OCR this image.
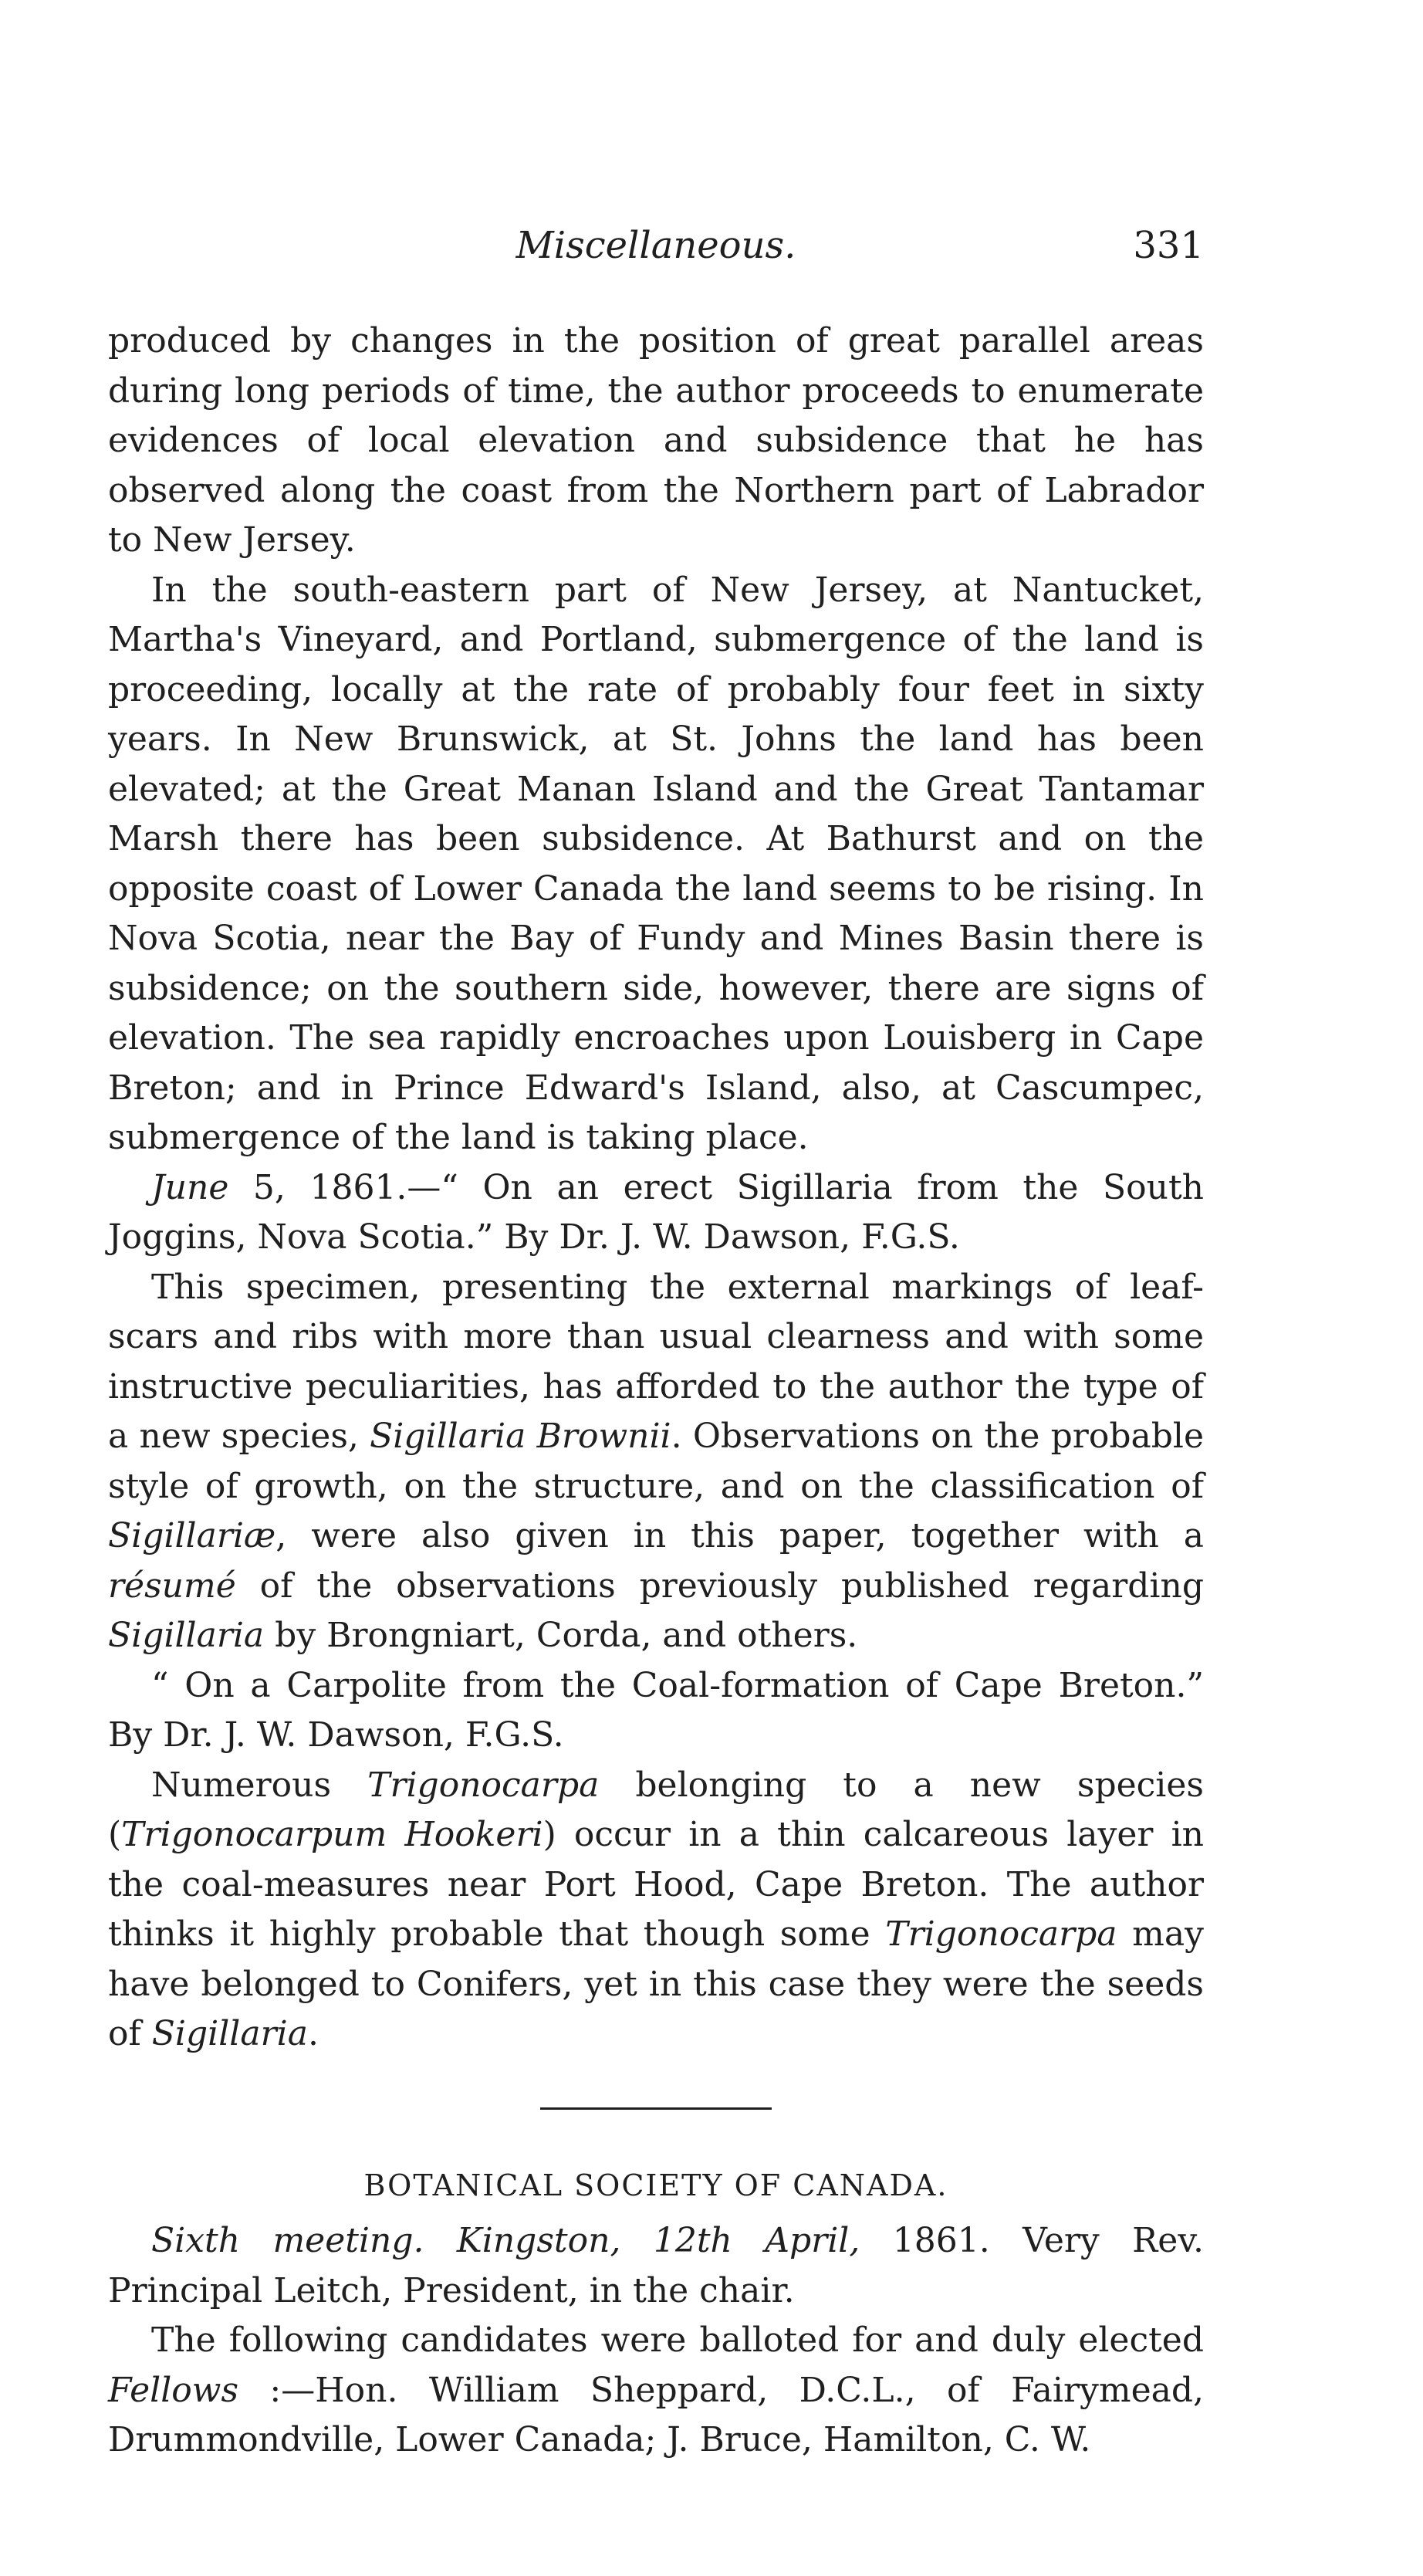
Miscellaneous.	331

produced by changes in the position of great parallel areas during long periods of time, the author proceeds to enumerate evidences of local elevation and subsidence that he has observed along the coast from the Northern part of Labrador to New Jersey.

In the south-eastern part of New Jersey, at Nantucket, Martha's Vineyard, and Portland, submergence of the land is proceeding, locally at the rate of probably four feet in sixty years. In New Brunswick, at St. Johns the land has been elevated; at the Great Manan Island and the Great Tantamar Marsh there has been subsidence. At Bathurst and on the opposite coast of Lower Canada the land seems to be rising. In Nova Scotia, near the Bay of Fundy and Mines Basin there is subsidence; on the southern side, however, there are signs of elevation. The sea rapidly encroaches upon Louisberg in Cape Breton; and in Prince Edward's Island, also, at Cascumpec, submergence of the land is taking place.

June 5, 1861.—“ On an erect Sigillaria from the South Joggins, Nova Scotia.” By Dr. J. W. Dawson, F.G.S.

This specimen, presenting the external markings of leaf-scars and ribs with more than usual clearness and with some instructive peculiarities, has afforded to the author the type of a new species, Sigillaria Brownii. Observations on the probable style of growth, on the structure, and on the classification of Sigillariæ, were also given in this paper, together with a résumé of the observations previously published regarding Sigillaria by Brongniart, Corda, and others.

“ On a Carpolite from the Coal-formation of Cape Breton.” By Dr. J. W. Dawson, F.G.S.

Numerous Trigonocarpa belonging to a new species (Trigonocarpum Hookeri) occur in a thin calcareous layer in the coal-measures near Port Hood, Cape Breton. The author thinks it highly probable that though some Trigonocarpa may have belonged to Conifers, yet in this case they were the seeds of Sigillaria.

BOTANICAL SOCIETY OF CANADA.

Sixth meeting. Kingston, 12th April, 1861. Very Rev. Principal Leitch, President, in the chair.

The following candidates were balloted for and duly elected Fellows :—Hon. William Sheppard, D.C.L., of Fairymead, Drummondville, Lower Canada; J. Bruce, Hamilton, C. W.
